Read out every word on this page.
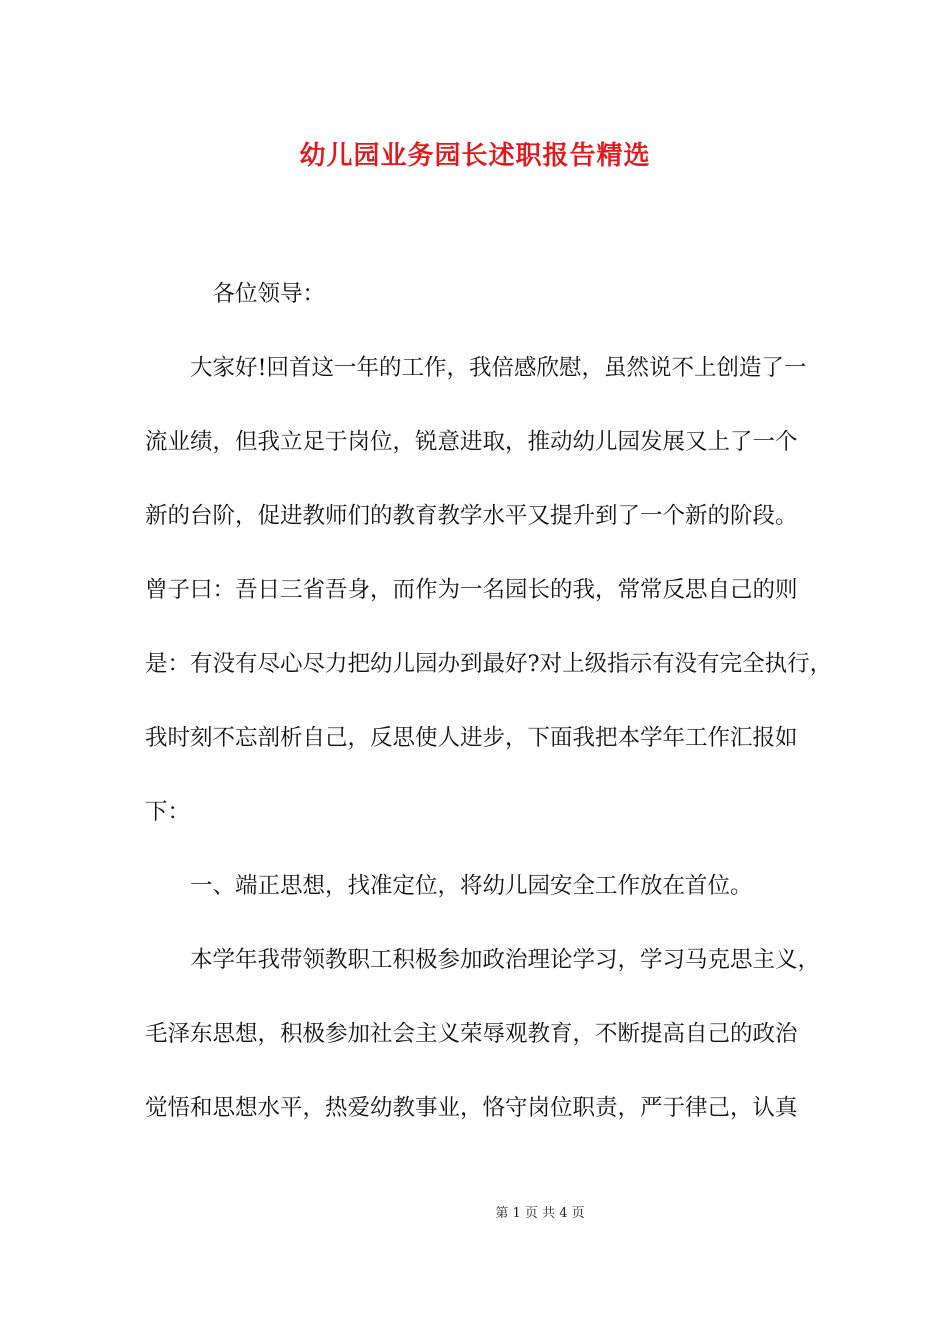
幼儿园业务园长述职报告精选
　　　各位领导：
　　大家好!回首这一年的工作，我倍感欣慰，虽然说不上创造了一
流业绩，但我立足于岗位，锐意进取，推动幼儿园发展又上了一个
新的台阶，促进教师们的教育教学水平又提升到了一个新的阶段。
曾子曰：吾日三省吾身，而作为一名园长的我，常常反思自己的则
是：有没有尽心尽力把幼儿园办到最好?对上级指示有没有完全执行，
我时刻不忘剖析自己，反思使人进步，下面我把本学年工作汇报如
下：
　　一、端正思想，找准定位，将幼儿园安全工作放在首位。
　　本学年我带领教职工积极参加政治理论学习，学习马克思主义，
毛泽东思想，积极参加社会主义荣辱观教育，不断提高自己的政治
觉悟和思想水平，热爱幼教事业，恪守岗位职责，严于律己，认真
第 1 页 共 4 页
